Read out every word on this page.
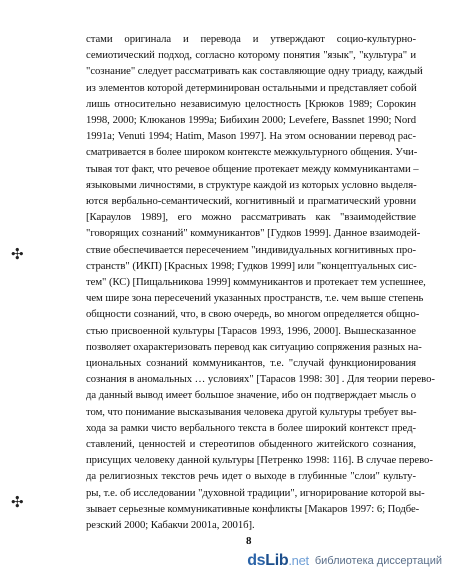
стами оригинала и перевода и утверждают социо-культурно-
семиотический подход, согласно которому понятия "язык", "культура" и
"сознание" следует рассматривать как составляющие одну триаду, каждый
из элементов которой детерминирован остальными и представляет собой
лишь относительно независимую целостность [Крюков 1989; Сорокин
1998, 2000; Клюканов 1999а; Бибихин 2000; Levefere, Bassnet 1990; Nord
1991а; Venuti 1994; Hatim, Mason 1997]. На этом основании перевод рас-
сматривается в более широком контексте межкультурного общения. Учи-
тывая тот факт, что речевое общение протекает между коммуникантами –
языковыми личностями, в структуре каждой из которых условно выделя-
ются вербально-семантический, когнитивный и прагматический уровни
[Караулов 1989], его можно рассматривать как "взаимодействие
"говорящих сознаний" коммуникантов" [Гудков 1999]. Данное взаимодей-
ствие обеспечивается пересечением "индивидуальных когнитивных про-
странств" (ИКП) [Красных 1998; Гудков 1999] или "концептуальных сис-
тем" (КС) [Пищальникова 1999] коммуникантов и протекает тем успешнее,
чем шире зона пересечений указанных пространств, т.е. чем выше степень
общности сознаний, что, в свою очередь, во многом определяется общно-
стью присвоенной культуры [Тарасов 1993, 1996, 2000]. Вышесказанное
позволяет охарактеризовать перевод как ситуацию сопряжения разных на-
циональных сознаний коммуникантов, т.е. "случай функционирования
сознания в аномальных … условиях" [Тарасов 1998: 30] . Для теории перево-
да данный вывод имеет большое значение, ибо он подтверждает мысль о
том, что понимание высказывания человека другой культуры требует вы-
хода за рамки чисто вербального текста в более широкий контекст пред-
ставлений, ценностей и стереотипов обыденного житейского сознания,
присущих человеку данной культуры [Петренко 1998: 116]. В случае перево-
да религиозных текстов речь идет о выходе в глубинные "слои" культу-
ры, т.е. об исследовании "духовной традиции", игнорирование которой вы-
зывает серьезные коммуникативные конфликты [Макаров 1997: 6; Подбе-
резский 2000; Кабакчи 2001а, 2001б].
✣
✣
8
dsLib.net библиотека диссертаций
